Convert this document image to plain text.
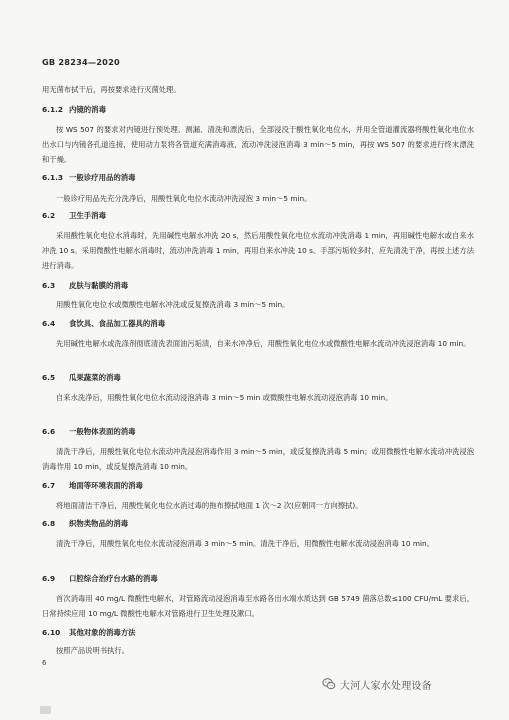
GB 28234—2020

用无菌布拭干后，再按要求进行灭菌处理。

6.1.2 内镜的消毒

按 WS 507 的要求对内镜进行预处理、测漏、清洗和漂洗后，全部浸没于酸性氧化电位水，并用全管道灌流器将酸性氧化电位水出水口与内镜各孔道连接，使用动力泵将各管道充满消毒液，流动冲洗浸泡消毒 3 min～5 min，再按 WS 507 的要求进行终末漂洗和干燥。

6.1.3 一般诊疗用品的消毒

一般诊疗用品先充分洗净后，用酸性氧化电位水流动冲洗浸泡 3 min～5 min。

6.2 卫生手消毒

采用酸性氧化电位水消毒时，先用碱性电解水冲洗 20 s，然后用酸性氧化电位水流动冲洗消毒 1 min，再用碱性电解水或自来水冲洗 10 s。采用微酸性电解水消毒时，流动冲洗消毒 1 min，再用自来水冲洗 10 s。手部污垢较多时，应先清洗干净，再按上述方法进行消毒。

6.3 皮肤与黏膜的消毒

用酸性氧化电位水或微酸性电解水冲洗或反复擦洗消毒 3 min～5 min。

6.4 食饮具、食品加工器具的消毒

先用碱性电解水或洗涤剂彻底清洗表面油污垢渍，自来水冲净后，用酸性氧化电位水或微酸性电解水流动冲洗浸泡消毒 10 min。

6.5 瓜果蔬菜的消毒

自来水洗净后，用酸性氧化电位水流动浸泡消毒 3 min～5 min 或微酸性电解水流动浸泡消毒 10 min。

6.6 一般物体表面的消毒

清洗干净后，用酸性氧化电位水流动冲洗浸泡消毒作用 3 min～5 min，或反复擦洗消毒 5 min；或用微酸性电解水流动冲洗浸泡消毒作用 10 min，或反复擦洗消毒 10 min。

6.7 地面等环境表面的消毒

将地面清洁干净后，用酸性氧化电位水消过毒的拖布擦拭地面 1 次～2 次(应朝同一方向擦拭)。

6.8 织物类物品的消毒

清洗干净后，用酸性氧化电位水流动浸泡消毒 3 min～5 min。清洗干净后，用微酸性电解水流动浸泡消毒 10 min。

6.9 口腔综合治疗台水路的消毒

首次消毒用 40 mg/L 微酸性电解水，对管路流动浸泡消毒至水路各出水端水质达到 GB 5749 菌落总数≤100 CFU/mL 要求后，日常持续应用 10 mg/L 微酸性电解水对管路进行卫生处理及漱口。

6.10 其他对象的消毒方法

按照产品说明书执行。

6
大河人家水处理设备
